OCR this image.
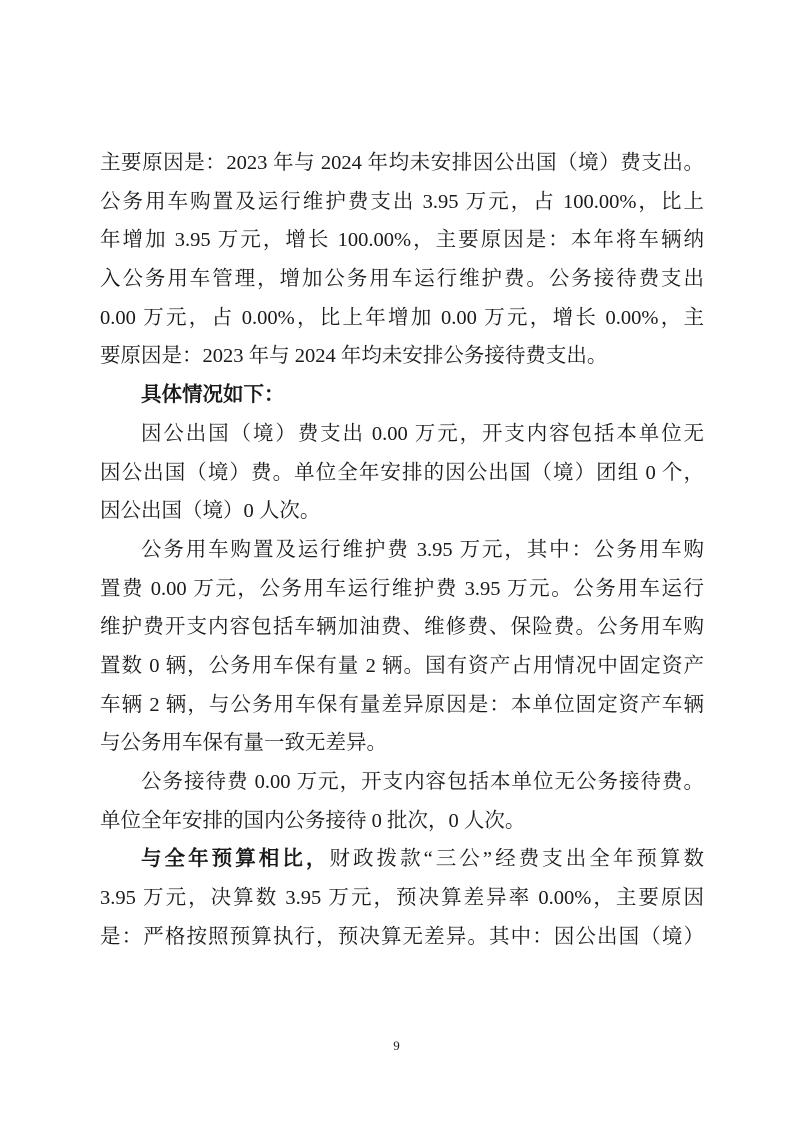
主要原因是：2023 年与 2024 年均未安排因公出国（境）费支出。
公务用车购置及运行维护费支出 3.95 万元，占 100.00%，比上
年增加 3.95 万元，增长 100.00%，主要原因是：本年将车辆纳
入公务用车管理，增加公务用车运行维护费。公务接待费支出
0.00 万元，占 0.00%，比上年增加 0.00 万元，增长 0.00%，主
要原因是：2023 年与 2024 年均未安排公务接待费支出。
具体情况如下：
因公出国（境）费支出 0.00 万元，开支内容包括本单位无
因公出国（境）费。单位全年安排的因公出国（境）团组 0 个，
因公出国（境）0 人次。
公务用车购置及运行维护费 3.95 万元，其中：公务用车购
置费 0.00 万元，公务用车运行维护费 3.95 万元。公务用车运行
维护费开支内容包括车辆加油费、维修费、保险费。公务用车购
置数 0 辆，公务用车保有量 2 辆。国有资产占用情况中固定资产
车辆 2 辆，与公务用车保有量差异原因是：本单位固定资产车辆
与公务用车保有量一致无差异。
公务接待费 0.00 万元，开支内容包括本单位无公务接待费。
单位全年安排的国内公务接待 0 批次，0 人次。
与全年预算相比，财政拨款“三公”经费支出全年预算数
3.95 万元，决算数 3.95 万元，预决算差异率 0.00%，主要原因
是：严格按照预算执行，预决算无差异。其中：因公出国（境）
9
